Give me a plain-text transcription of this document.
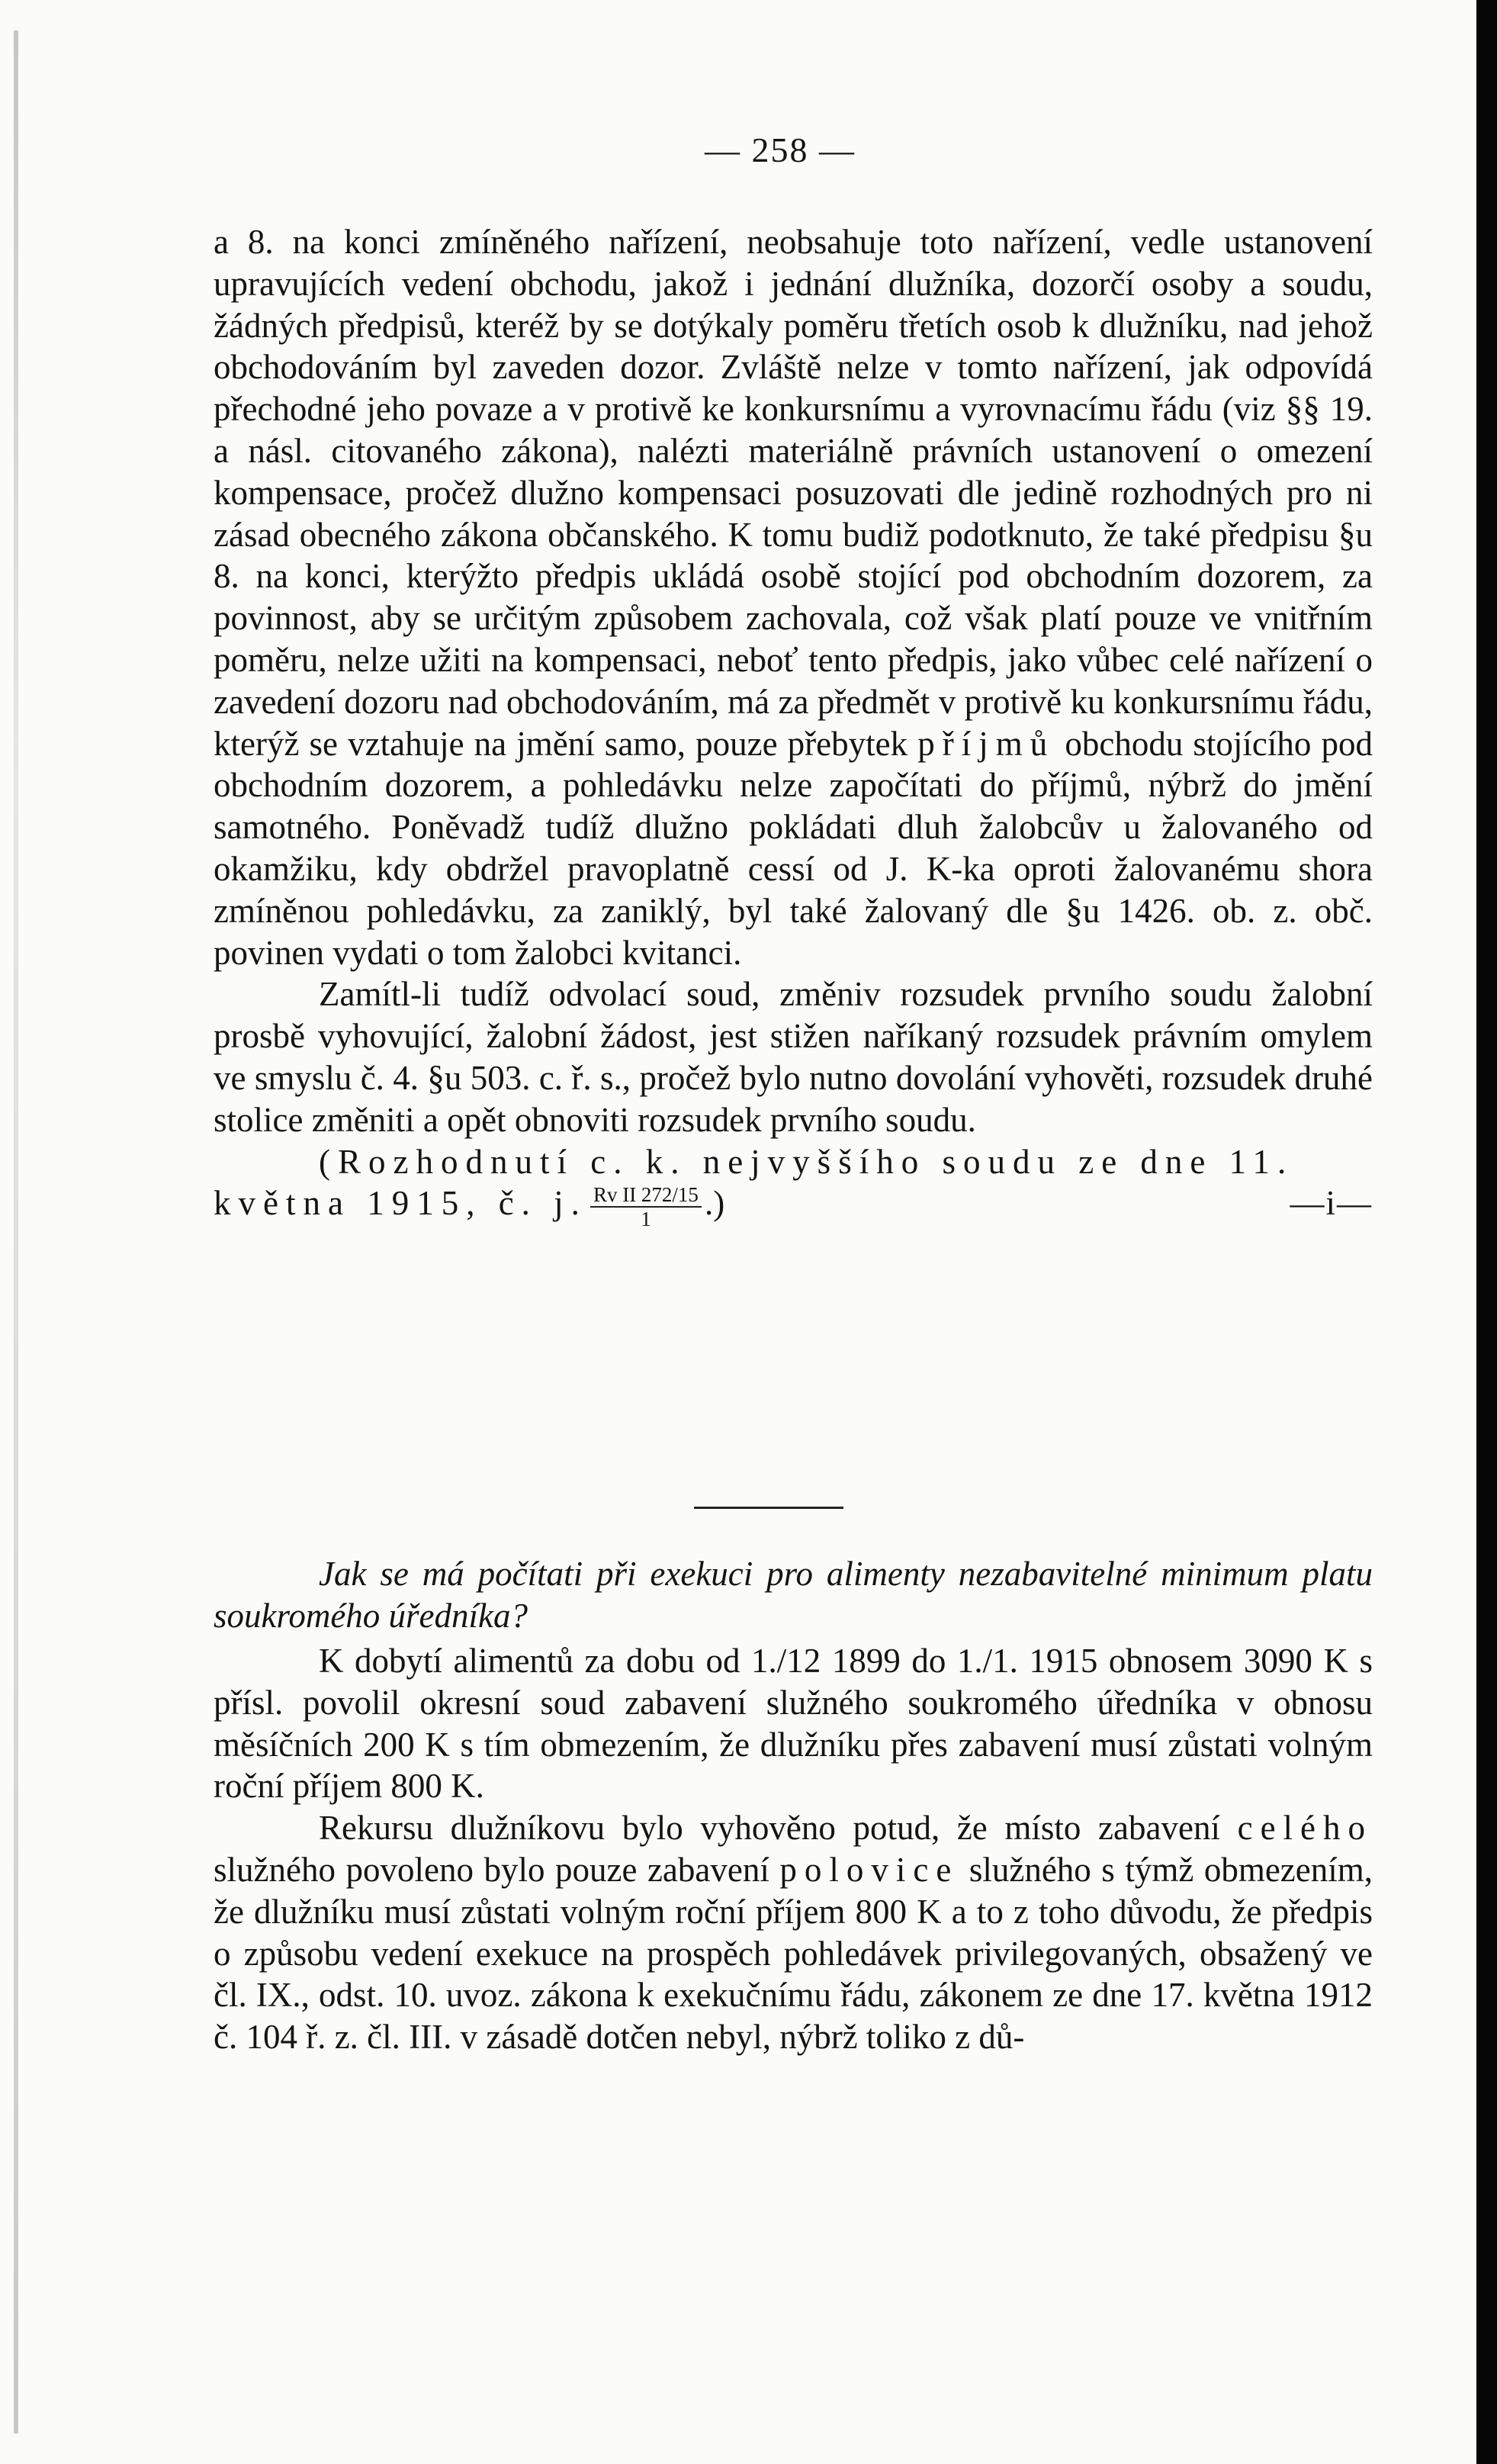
— 258 —

a 8. na konci zmíněného nařízení, neobsahuje toto nařízení, vedle ustanovení upravujících vedení obchodu, jakož i jednání dlužníka, dozorčí osoby a soudu, žádných předpisů, kteréž by se dotýkaly poměru třetích osob k dlužníku, nad jehož obchodováním byl zaveden dozor. Zvláště nelze v tomto nařízení, jak odpovídá přechodné jeho povaze a v protivě ke konkursnímu a vyrovnacímu řádu (viz §§ 19. a násl. citovaného zákona), nalézti materiálně právních ustanovení o omezení kompensace, pročež dlužno kompensaci posuzovati dle jedině rozhodných pro ni zásad obecného zákona občanského. K tomu budiž podotknuto, že také předpisu §u 8. na konci, kterýžto předpis ukládá osobě stojící pod obchodním dozorem, za povinnost, aby se určitým způsobem zachovala, což však platí pouze ve vnitřním poměru, nelze užiti na kompensaci, neboť tento předpis, jako vůbec celé nařízení o zavedení dozoru nad obchodováním, má za předmět v protivě ku konkursnímu řádu, kterýž se vztahuje na jmění samo, pouze přebytek příjmů obchodu stojícího pod obchodním dozorem, a pohledávku nelze započítati do příjmů, nýbrž do jmění samotného. Poněvadž tudíž dlužno pokládati dluh žalobcův u žalovaného od okamžiku, kdy obdržel pravoplatně cessí od J. K-ka oproti žalovanému shora zmíněnou pohledávku, za zaniklý, byl také žalovaný dle §u 1426. ob. z. obč. povinen vydati o tom žalobci kvitanci.

Zamítl-li tudíž odvolací soud, změniv rozsudek prvního soudu žalobní prosbě vyhovující, žalobní žádost, jest stižen naříkaný rozsudek právním omylem ve smyslu č. 4. §u 503. c. ř. s., pročež bylo nutno dovolání vyhověti, rozsudek druhé stolice změniti a opět obnoviti rozsudek prvního soudu.

(Rozhodnutí c. k. nejvyššího soudu ze dne 11.

května 1915, č. j. $\frac{\text{Rv II 272/15}}{1}$ .)	—i—
Jak se má počítati při exekuci pro alimenty nezabavitelné minimum platu soukromého úředníka?

K dobytí alimentů za dobu od 1./12 1899 do 1./1. 1915 obnosem 3090 K s přísl. povolil okresní soud zabavení služného soukromého úředníka v obnosu měsíčních 200 K s tím obmezením, že dlužníku přes zabavení musí zůstati volným roční příjem 800 K.

Rekursu dlužníkovu bylo vyhověno potud, že místo zabavení celého služného povoleno bylo pouze zabavení polovice služného s týmž obmezením, že dlužníku musí zůstati volným roční příjem 800 K a to z toho důvodu, že předpis o způsobu vedení exekuce na prospěch pohledávek privilegovaných, obsažený ve čl. IX., odst. 10. uvoz. zákona k exekučnímu řádu, zákonem ze dne 17. května 1912 č. 104 ř. z. čl. III. v zásadě dotčen nebyl, nýbrž toliko z dů-
